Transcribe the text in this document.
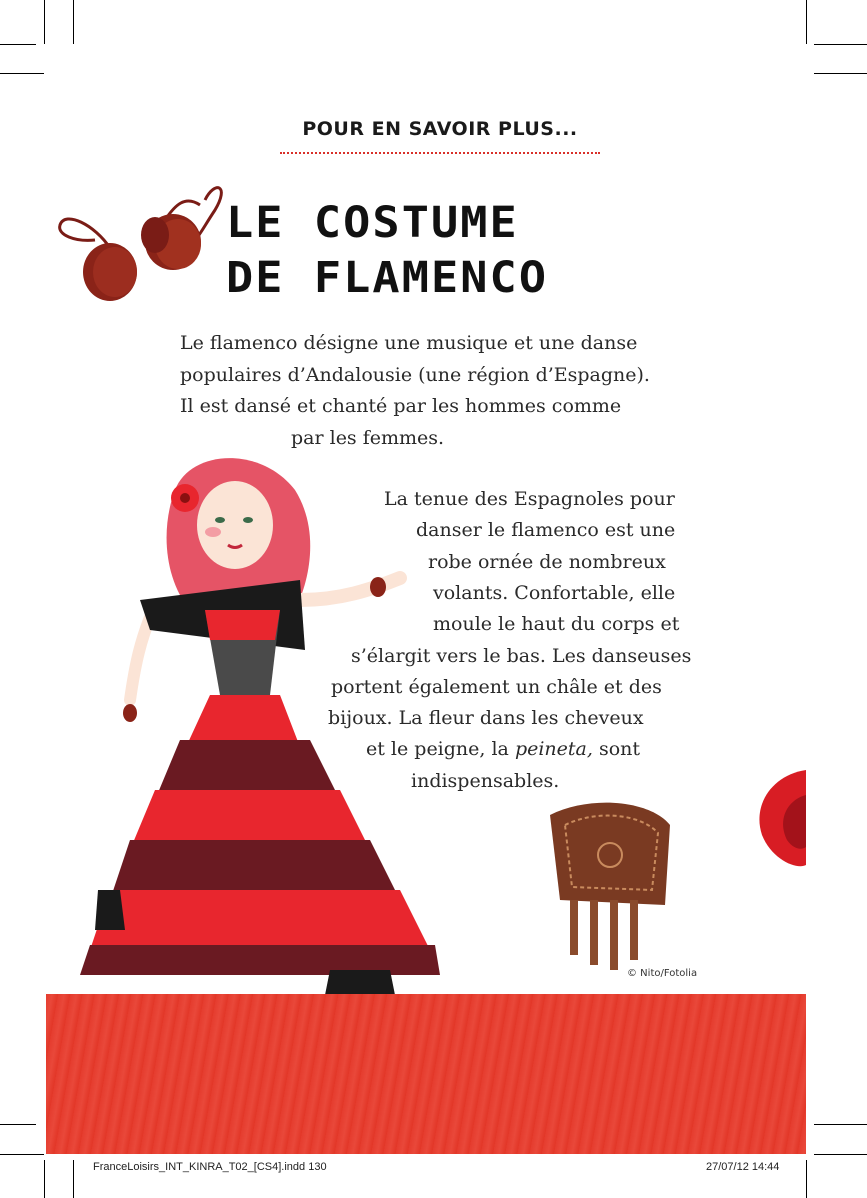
POUR EN SAVOIR PLUS...
LE COSTUME
DE FLAMENCO
Le flamenco désigne une musique et une danse
populaires d’Andalousie (une région d’Espagne).
Il est dansé et chanté par les hommes comme
par les femmes.
La tenue des Espagnoles pour
danser le flamenco est une
robe ornée de nombreux
volants. Confortable, elle
moule le haut du corps et
s’élargit vers le bas. Les danseuses
portent également un châle et des
bijoux. La fleur dans les cheveux
et le peigne, la peineta, sont
indispensables.
© Nito/Fotolia
FranceLoisirs_INT_KINRA_T02_[CS4].indd 130	27/07/12 14:44
